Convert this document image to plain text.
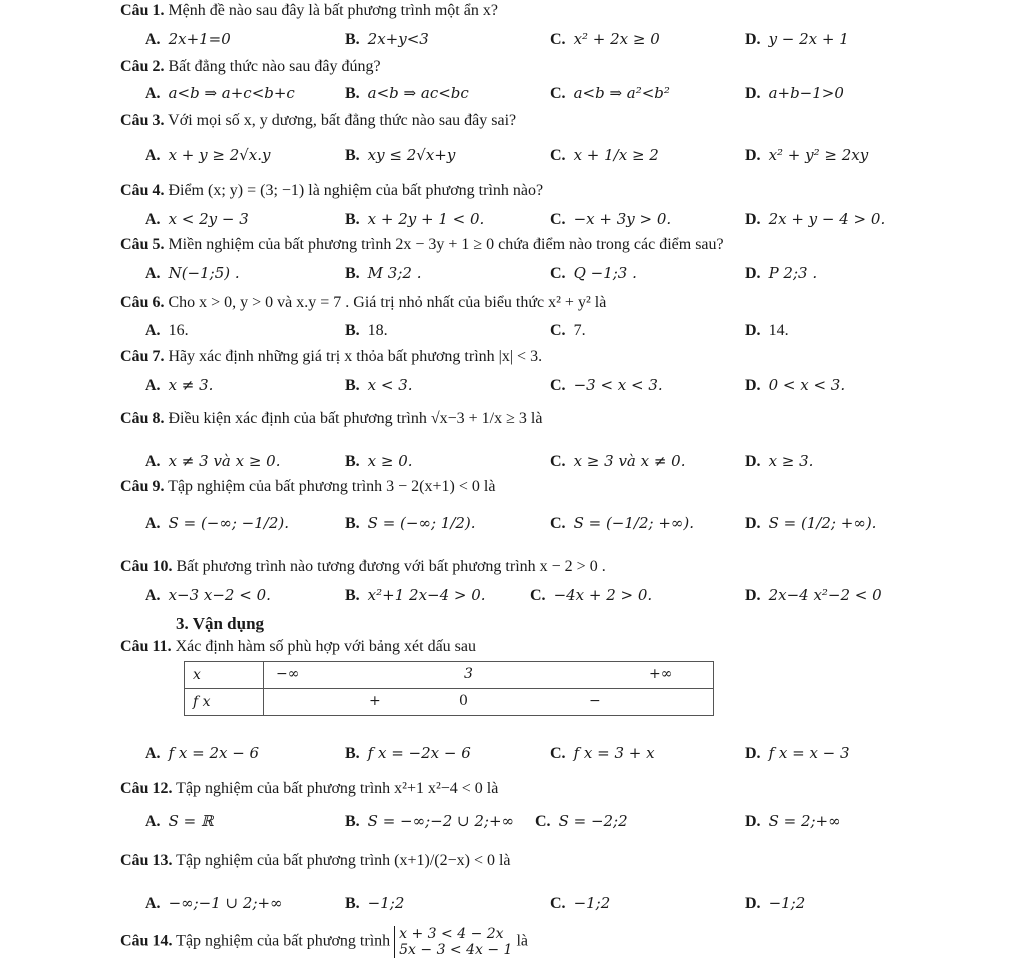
Câu 1. Mệnh đề nào sau đây là bất phương trình một ẩn x?
A. 2x+1=0	B. 2x+y<3	C. x² + 2x ≥ 0	D. y − 2x + 1
Câu 2. Bất đẳng thức nào sau đây đúng?
A. a<b ⇒ a+c<b+c	B. a<b ⇒ ac<bc	C. a<b ⇒ a²<b²	D. a+b−1>0
Câu 3. Với mọi số x, y dương, bất đẳng thức nào sau đây sai?
A. x + y ≥ 2√x.y	B. xy ≤ 2√x+y	C. x + 1/x ≥ 2	D. x² + y² ≥ 2xy
Câu 4. Điểm (x; y) = (3; −1) là nghiệm của bất phương trình nào?
A. x < 2y − 3	B. x + 2y + 1 < 0.	C. −x + 3y > 0.	D. 2x + y − 4 > 0.
Câu 5. Miền nghiệm của bất phương trình 2x − 3y + 1 ≥ 0 chứa điểm nào trong các điểm sau?
A. N(−1;5) .	B. M 3;2 .	C. Q −1;3 .	D. P 2;3 .
Câu 6. Cho x > 0, y > 0 và x.y = 7 . Giá trị nhỏ nhất của biểu thức x² + y² là
A. 16.	B. 18.	C. 7.	D. 14.
Câu 7. Hãy xác định những giá trị x thỏa bất phương trình |x| < 3.
A. x ≠ 3.	B. x < 3.	C. −3 < x < 3.	D. 0 < x < 3.
Câu 8. Điều kiện xác định của bất phương trình √x−3 + 1/x ≥ 3 là
A. x ≠ 3 và x ≥ 0.	B. x ≥ 0.	C. x ≥ 3 và x ≠ 0.	D. x ≥ 3.
Câu 9. Tập nghiệm của bất phương trình 3 − 2(x+1) < 0 là
A. S = (−∞; −1/2).	B. S = (−∞; 1/2).	C. S = (−1/2; +∞).	D. S = (1/2; +∞).
Câu 10. Bất phương trình nào tương đương với bất phương trình x − 2 > 0 .
A. x−3 x−2 < 0.	B. x²+1 2x−4 > 0.	C. −4x + 2 > 0.	D. 2x−4 x²−2 < 0
3. Vận dụng
Câu 11. Xác định hàm số phù hợp với bảng xét dấu sau
x	−∞ 3 +∞

f x	+ 0 −
A. f x = 2x − 6	B. f x = −2x − 6	C. f x = 3 + x	D. f x = x − 3
Câu 12. Tập nghiệm của bất phương trình x²+1 x²−4 < 0 là
A. S = ℝ	B. S = −∞;−2 ∪ 2;+∞ C. S = −2;2	D. S = 2;+∞
Câu 13. Tập nghiệm của bất phương trình (x+1)/(2−x) < 0 là
A. −∞;−1 ∪ 2;+∞	B. −1;2	C. −1;2	D. −1;2
Câu 14. Tập nghiệm của bất phương trình x + 3 < 4 − 2x
5x − 3 < 4x − 1
là
